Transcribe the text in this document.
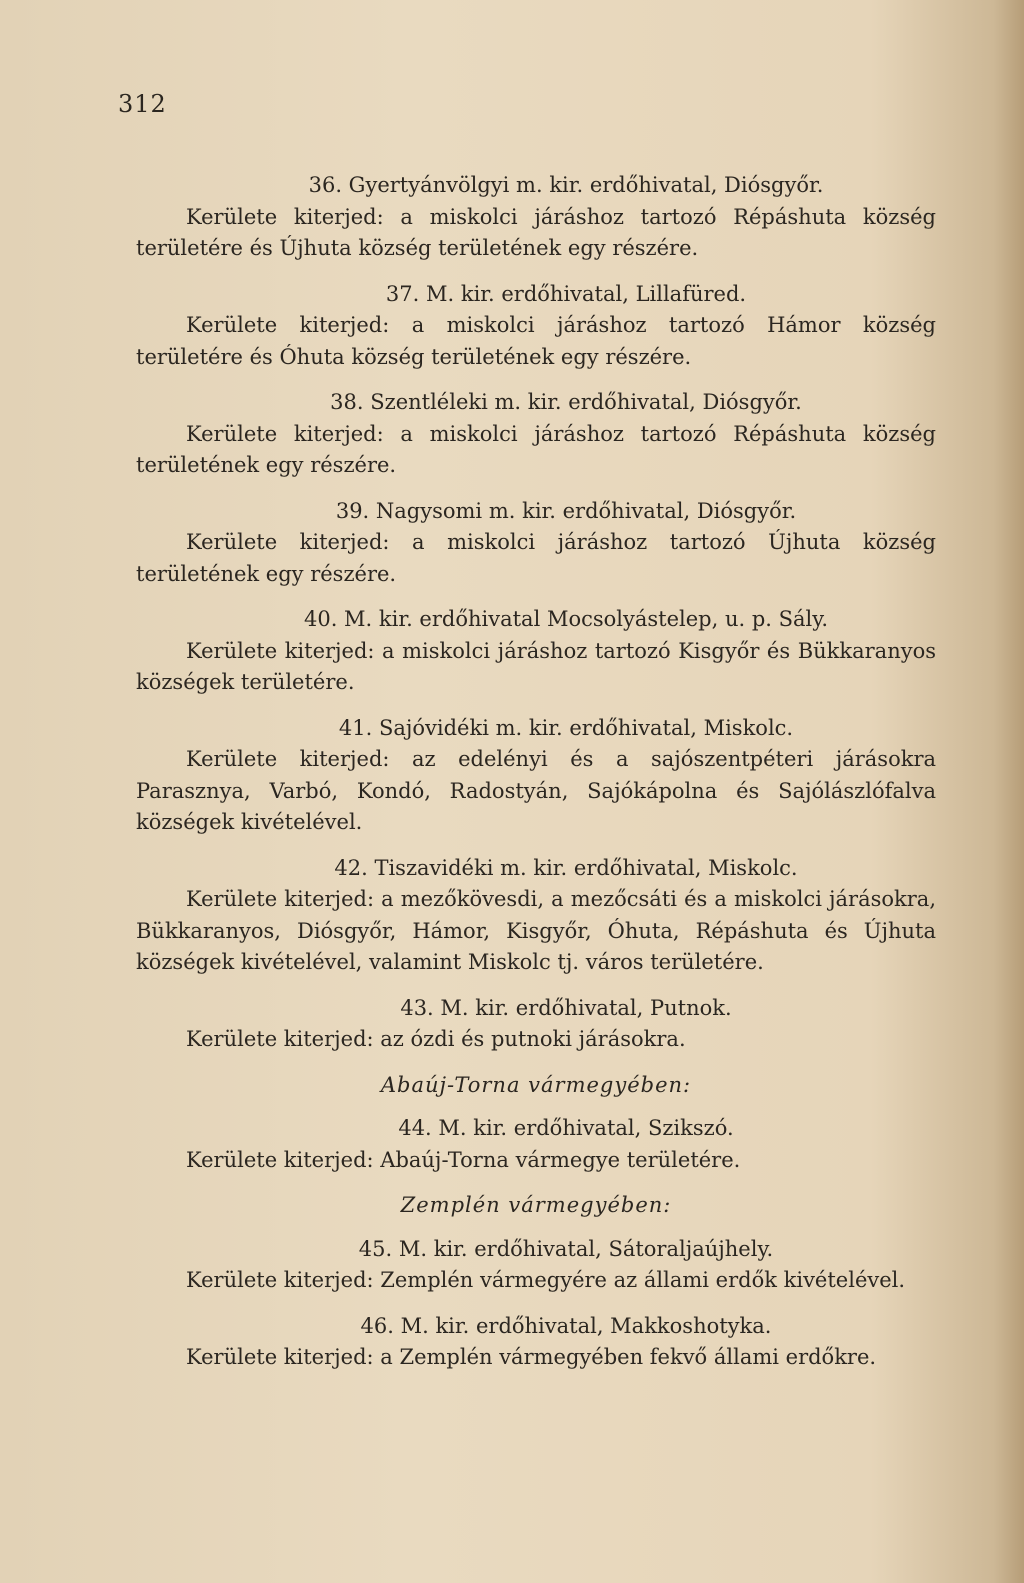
312
36. Gyertyánvölgyi m. kir. erdőhivatal, Diósgyőr.
Kerülete kiterjed: a miskolci járáshoz tartozó Répáshuta község területére és Újhuta község területének egy részére.
37. M. kir. erdőhivatal, Lillafüred.
Kerülete kiterjed: a miskolci járáshoz tartozó Hámor község területére és Óhuta község területének egy részére.
38. Szentléleki m. kir. erdőhivatal, Diósgyőr.
Kerülete kiterjed: a miskolci járáshoz tartozó Répáshuta község területének egy részére.
39. Nagysomi m. kir. erdőhivatal, Diósgyőr.
Kerülete kiterjed: a miskolci járáshoz tartozó Újhuta község területének egy részére.
40. M. kir. erdőhivatal Mocsolyástelep, u. p. Sály.
Kerülete kiterjed: a miskolci járáshoz tartozó Kisgyőr és Bükkaranyos községek területére.
41. Sajóvidéki m. kir. erdőhivatal, Miskolc.
Kerülete kiterjed: az edelényi és a sajószentpéteri járásokra Parasznya, Varbó, Kondó, Radostyán, Sajókápolna és Sajólászlófalva községek kivételével.
42. Tiszavidéki m. kir. erdőhivatal, Miskolc.
Kerülete kiterjed: a mezőkövesdi, a mezőcsáti és a miskolci járásokra, Bükkaranyos, Diósgyőr, Hámor, Kisgyőr, Óhuta, Répáshuta és Újhuta községek kivételével, valamint Miskolc tj. város területére.
43. M. kir. erdőhivatal, Putnok.
Kerülete kiterjed: az ózdi és putnoki járásokra.
Abaúj-Torna vármegyében:
44. M. kir. erdőhivatal, Szikszó.
Kerülete kiterjed: Abaúj-Torna vármegye területére.
Zemplén vármegyében:
45. M. kir. erdőhivatal, Sátoraljaújhely.
Kerülete kiterjed: Zemplén vármegyére az állami erdők kivételével.
46. M. kir. erdőhivatal, Makkoshotyka.
Kerülete kiterjed: a Zemplén vármegyében fekvő állami erdőkre.
